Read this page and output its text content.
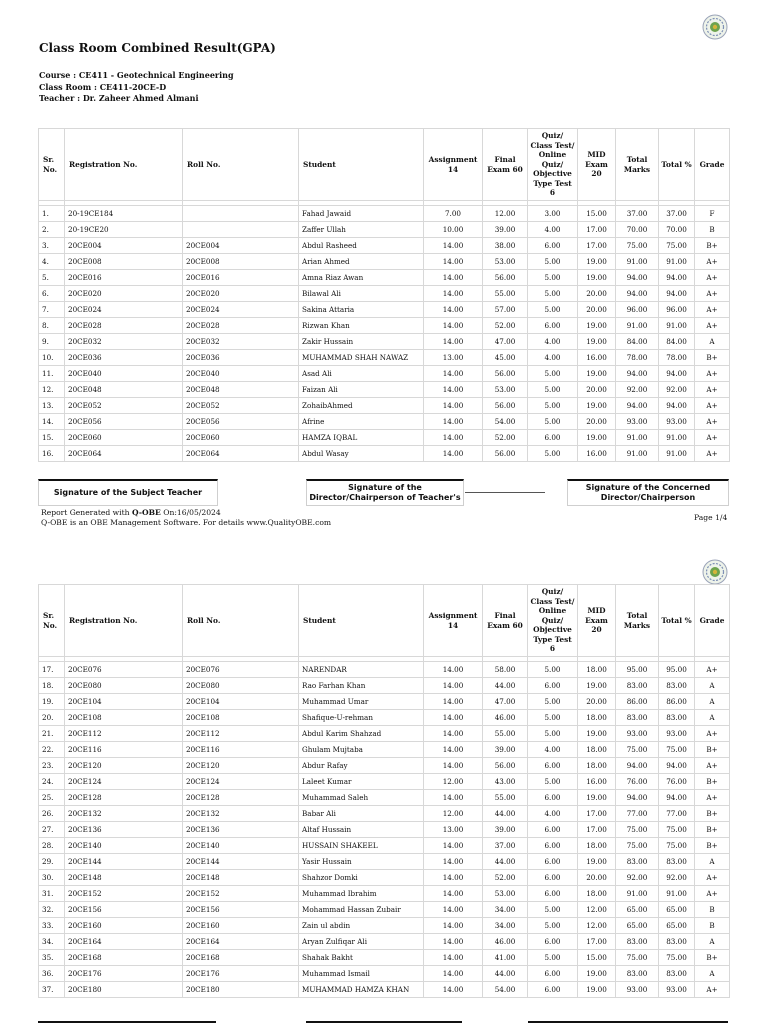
Class Room Combined Result(GPA)
Course : CE411 - Geotechnical Engineering
Class Room : CE411-20CE-D
Teacher : Dr. Zaheer Ahmed Almani
Sr. No.	Registration No.	Roll No.	Student	Assignment 14	Final Exam 60	Quiz/ Class Test/ Online Quiz/ Objective Type Test 6	MID Exam 20	Total Marks	Total %	Grade

1.	20-19CE184		Fahad Jawaid	7.00	12.00	3.00	15.00	37.00	37.00	F
2.	20-19CE20		Zaffer Ullah	10.00	39.00	4.00	17.00	70.00	70.00	B
3.	20CE004	20CE004	Abdul Rasheed	14.00	38.00	6.00	17.00	75.00	75.00	B+
4.	20CE008	20CE008	Arian Ahmed	14.00	53.00	5.00	19.00	91.00	91.00	A+
5.	20CE016	20CE016	Amna Riaz Awan	14.00	56.00	5.00	19.00	94.00	94.00	A+
6.	20CE020	20CE020	Bilawal Ali	14.00	55.00	5.00	20.00	94.00	94.00	A+
7.	20CE024	20CE024	Sakina Attaria	14.00	57.00	5.00	20.00	96.00	96.00	A+
8.	20CE028	20CE028	Rizwan Khan	14.00	52.00	6.00	19.00	91.00	91.00	A+
9.	20CE032	20CE032	Zakir Hussain	14.00	47.00	4.00	19.00	84.00	84.00	A
10.	20CE036	20CE036	MUHAMMAD SHAH NAWAZ	13.00	45.00	4.00	16.00	78.00	78.00	B+
11.	20CE040	20CE040	Asad Ali	14.00	56.00	5.00	19.00	94.00	94.00	A+
12.	20CE048	20CE048	Faizan Ali	14.00	53.00	5.00	20.00	92.00	92.00	A+
13.	20CE052	20CE052	ZohaibAhmed	14.00	56.00	5.00	19.00	94.00	94.00	A+
14.	20CE056	20CE056	Afrine	14.00	54.00	5.00	20.00	93.00	93.00	A+
15.	20CE060	20CE060	HAMZA IQBAL	14.00	52.00	6.00	19.00	91.00	91.00	A+
16.	20CE064	20CE064	Abdul Wasay	14.00	56.00	5.00	16.00	91.00	91.00	A+
Signature of the Subject Teacher
Signature of the Director/Chairperson of Teacher's
Signature of the Concerned Director/Chairperson
Report Generated with Q-OBE On:16/05/2024
Q-OBE is an OBE Management Software. For details www.QualityOBE.com
Page 1/4
Sr. No.	Registration No.	Roll No.	Student	Assignment 14	Final Exam 60	Quiz/ Class Test/ Online Quiz/ Objective Type Test 6	MID Exam 20	Total Marks	Total %	Grade

17.	20CE076	20CE076	NARENDAR	14.00	58.00	5.00	18.00	95.00	95.00	A+
18.	20CE080	20CE080	Rao Farhan Khan	14.00	44.00	6.00	19.00	83.00	83.00	A
19.	20CE104	20CE104	Muhammad Umar	14.00	47.00	5.00	20.00	86.00	86.00	A
20.	20CE108	20CE108	Shafique-U-rehman	14.00	46.00	5.00	18.00	83.00	83.00	A
21.	20CE112	20CE112	Abdul Karim Shahzad	14.00	55.00	5.00	19.00	93.00	93.00	A+
22.	20CE116	20CE116	Ghulam Mujtaba	14.00	39.00	4.00	18.00	75.00	75.00	B+
23.	20CE120	20CE120	Abdur Rafay	14.00	56.00	6.00	18.00	94.00	94.00	A+
24.	20CE124	20CE124	Laleet Kumar	12.00	43.00	5.00	16.00	76.00	76.00	B+
25.	20CE128	20CE128	Muhammad Saleh	14.00	55.00	6.00	19.00	94.00	94.00	A+
26.	20CE132	20CE132	Babar Ali	12.00	44.00	4.00	17.00	77.00	77.00	B+
27.	20CE136	20CE136	Altaf Hussain	13.00	39.00	6.00	17.00	75.00	75.00	B+
28.	20CE140	20CE140	HUSSAIN SHAKEEL	14.00	37.00	6.00	18.00	75.00	75.00	B+
29.	20CE144	20CE144	Yasir Hussain	14.00	44.00	6.00	19.00	83.00	83.00	A
30.	20CE148	20CE148	Shahzor Domki	14.00	52.00	6.00	20.00	92.00	92.00	A+
31.	20CE152	20CE152	Muhammad Ibrahim	14.00	53.00	6.00	18.00	91.00	91.00	A+
32.	20CE156	20CE156	Mohammad Hassan Zubair	14.00	34.00	5.00	12.00	65.00	65.00	B
33.	20CE160	20CE160	Zain ul abdin	14.00	34.00	5.00	12.00	65.00	65.00	B
34.	20CE164	20CE164	Aryan Zulfiqar Ali	14.00	46.00	6.00	17.00	83.00	83.00	A
35.	20CE168	20CE168	Shahak Bakht	14.00	41.00	5.00	15.00	75.00	75.00	B+
36.	20CE176	20CE176	Muhammad Ismail	14.00	44.00	6.00	19.00	83.00	83.00	A
37.	20CE180	20CE180	MUHAMMAD HAMZA KHAN	14.00	54.00	6.00	19.00	93.00	93.00	A+
